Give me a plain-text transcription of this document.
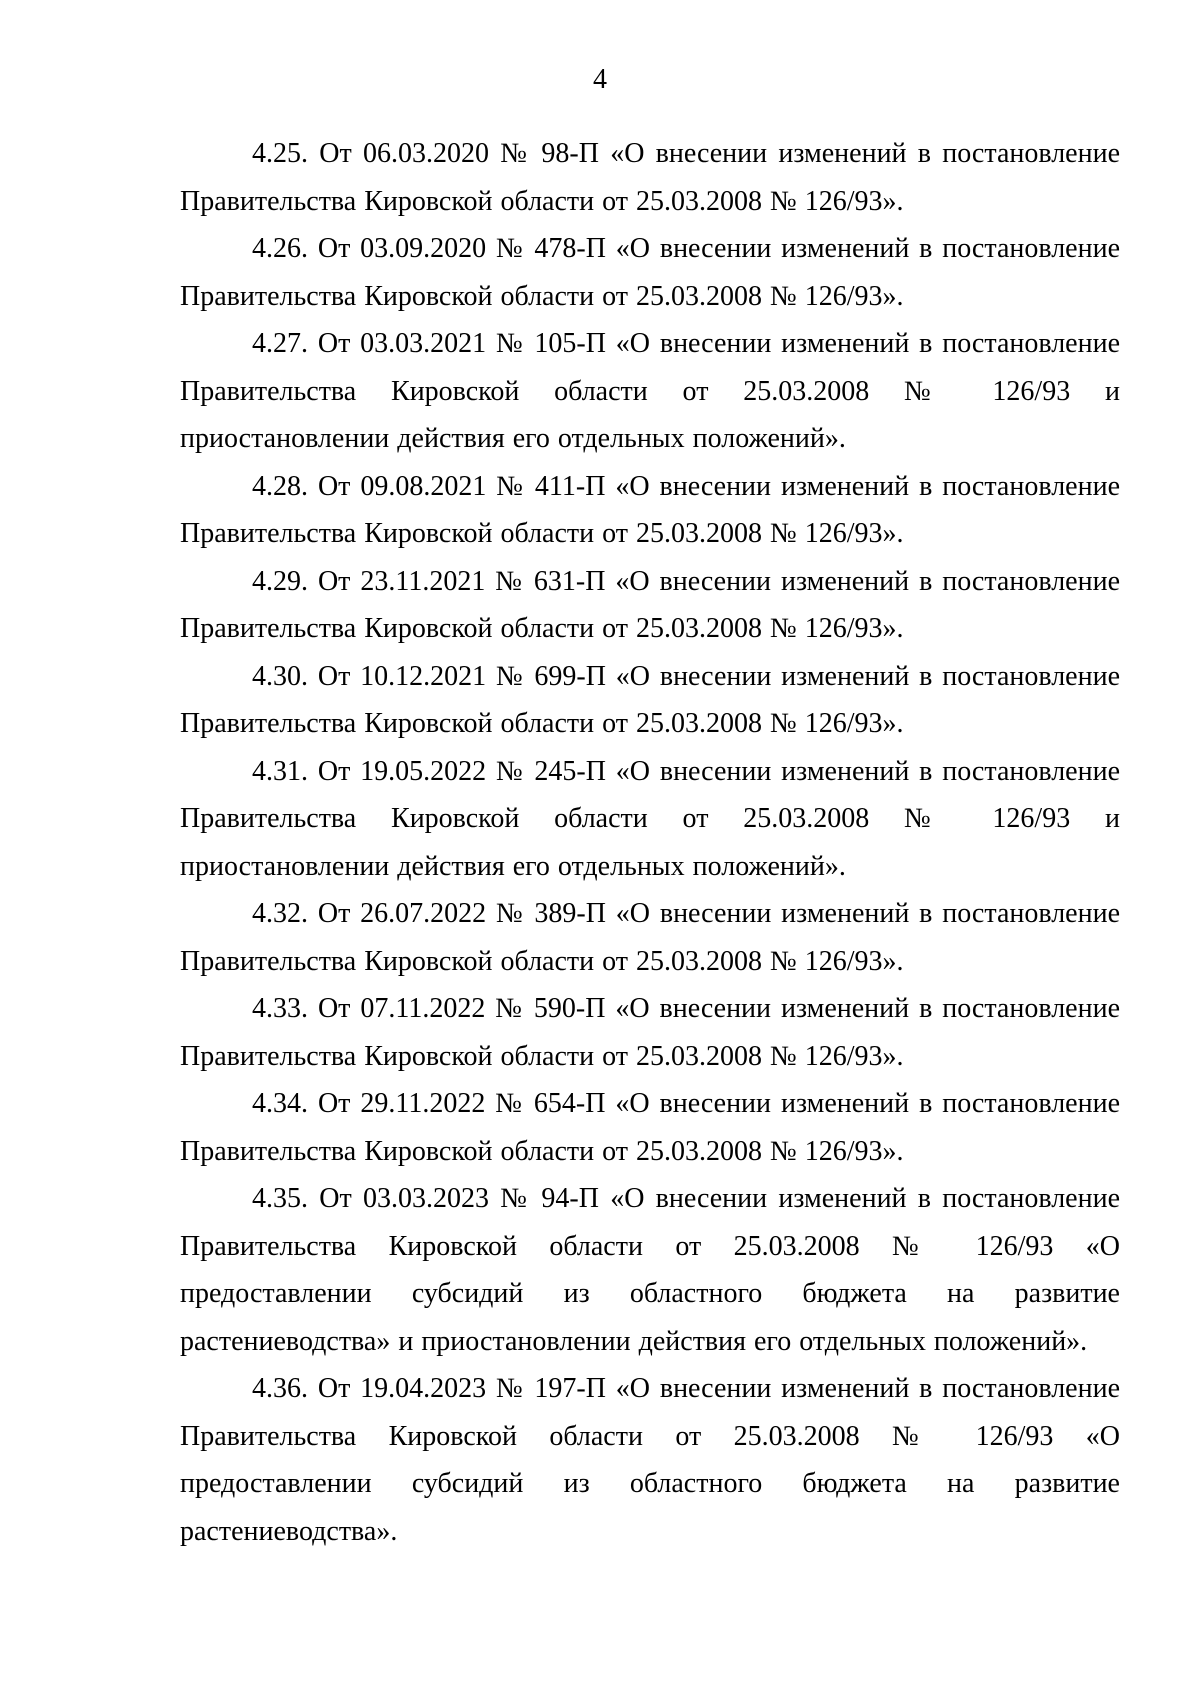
4

4.25. От 06.03.2020 № 98-П «О внесении изменений в постановление Правительства Кировской области от 25.03.2008 № 126/93».

4.26. От 03.09.2020 № 478-П «О внесении изменений в постановление Правительства Кировской области от 25.03.2008 № 126/93».

4.27. От 03.03.2021 № 105-П «О внесении изменений в постановление Правительства Кировской области от 25.03.2008 № 126/93 и приостановлении действия его отдельных положений».

4.28. От 09.08.2021 № 411-П «О внесении изменений в постановление Правительства Кировской области от 25.03.2008 № 126/93».

4.29. От 23.11.2021 № 631-П «О внесении изменений в постановление Правительства Кировской области от 25.03.2008 № 126/93».

4.30. От 10.12.2021 № 699-П «О внесении изменений в постановление Правительства Кировской области от 25.03.2008 № 126/93».

4.31. От 19.05.2022 № 245-П «О внесении изменений в постановление Правительства Кировской области от 25.03.2008 № 126/93 и приостановлении действия его отдельных положений».

4.32. От 26.07.2022 № 389-П «О внесении изменений в постановление Правительства Кировской области от 25.03.2008 № 126/93».

4.33. От 07.11.2022 № 590-П «О внесении изменений в постановление Правительства Кировской области от 25.03.2008 № 126/93».

4.34. От 29.11.2022 № 654-П «О внесении изменений в постановление Правительства Кировской области от 25.03.2008 № 126/93».

4.35. От 03.03.2023 № 94-П «О внесении изменений в постановление Правительства Кировской области от 25.03.2008 № 126/93 «О предоставлении субсидий из областного бюджета на развитие растениеводства» и приостановлении действия его отдельных положений».

4.36. От 19.04.2023 № 197-П «О внесении изменений в постановление Правительства Кировской области от 25.03.2008 № 126/93 «О предоставлении субсидий из областного бюджета на развитие растениеводства».
